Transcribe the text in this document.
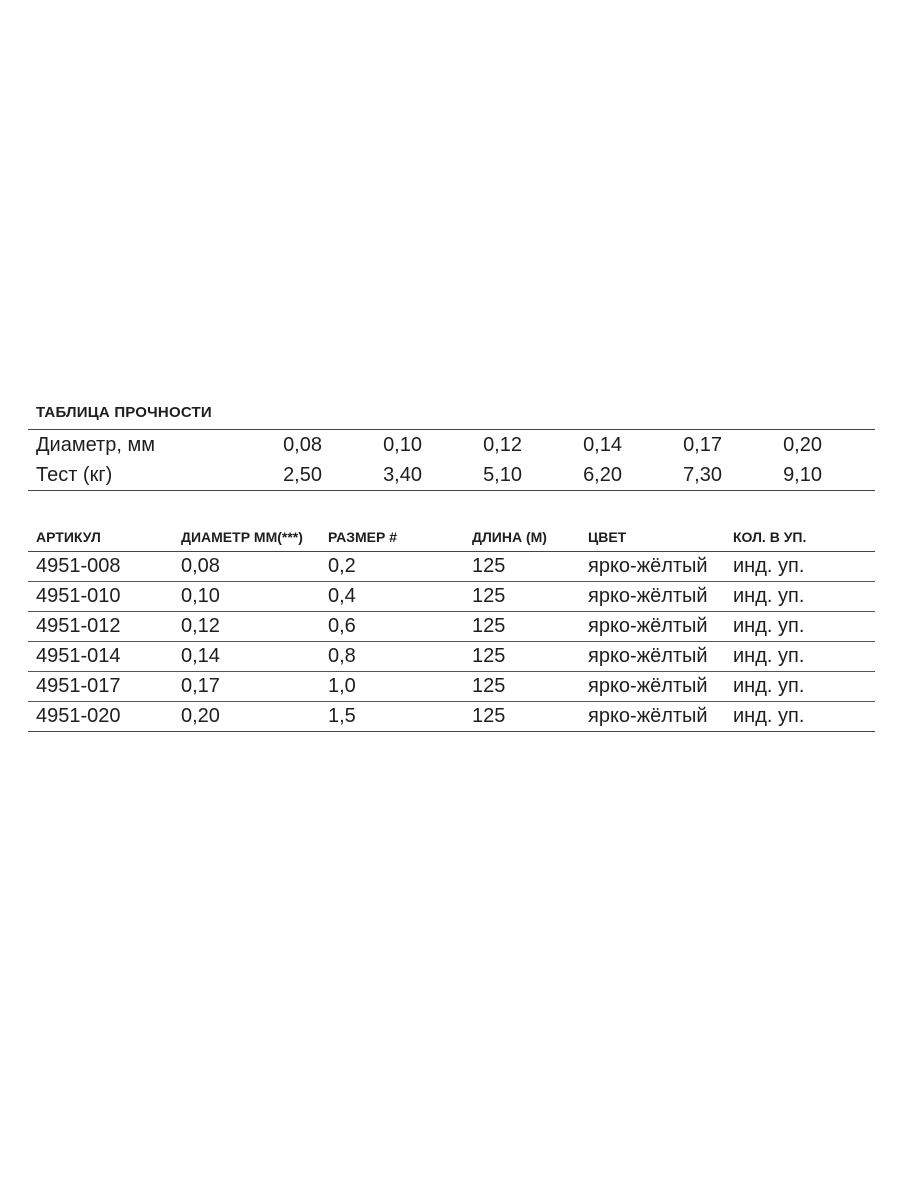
ТАБЛИЦА ПРОЧНОСТИ
Диаметр, мм	0,08	0,10	0,12	0,14	0,17	0,20	
Тест (кг)	2,50	3,40	5,10	6,20	7,30	9,10	
АРТИКУЛ	ДИАМЕТР ММ(***)	РАЗМЕР #	ДЛИНА (М)	ЦВЕТ	КОЛ. В УП.
4951-008	0,08	0,2	125	ярко-жёлтый	инд. уп.
4951-010	0,10	0,4	125	ярко-жёлтый	инд. уп.
4951-012	0,12	0,6	125	ярко-жёлтый	инд. уп.
4951-014	0,14	0,8	125	ярко-жёлтый	инд. уп.
4951-017	0,17	1,0	125	ярко-жёлтый	инд. уп.
4951-020	0,20	1,5	125	ярко-жёлтый	инд. уп.
